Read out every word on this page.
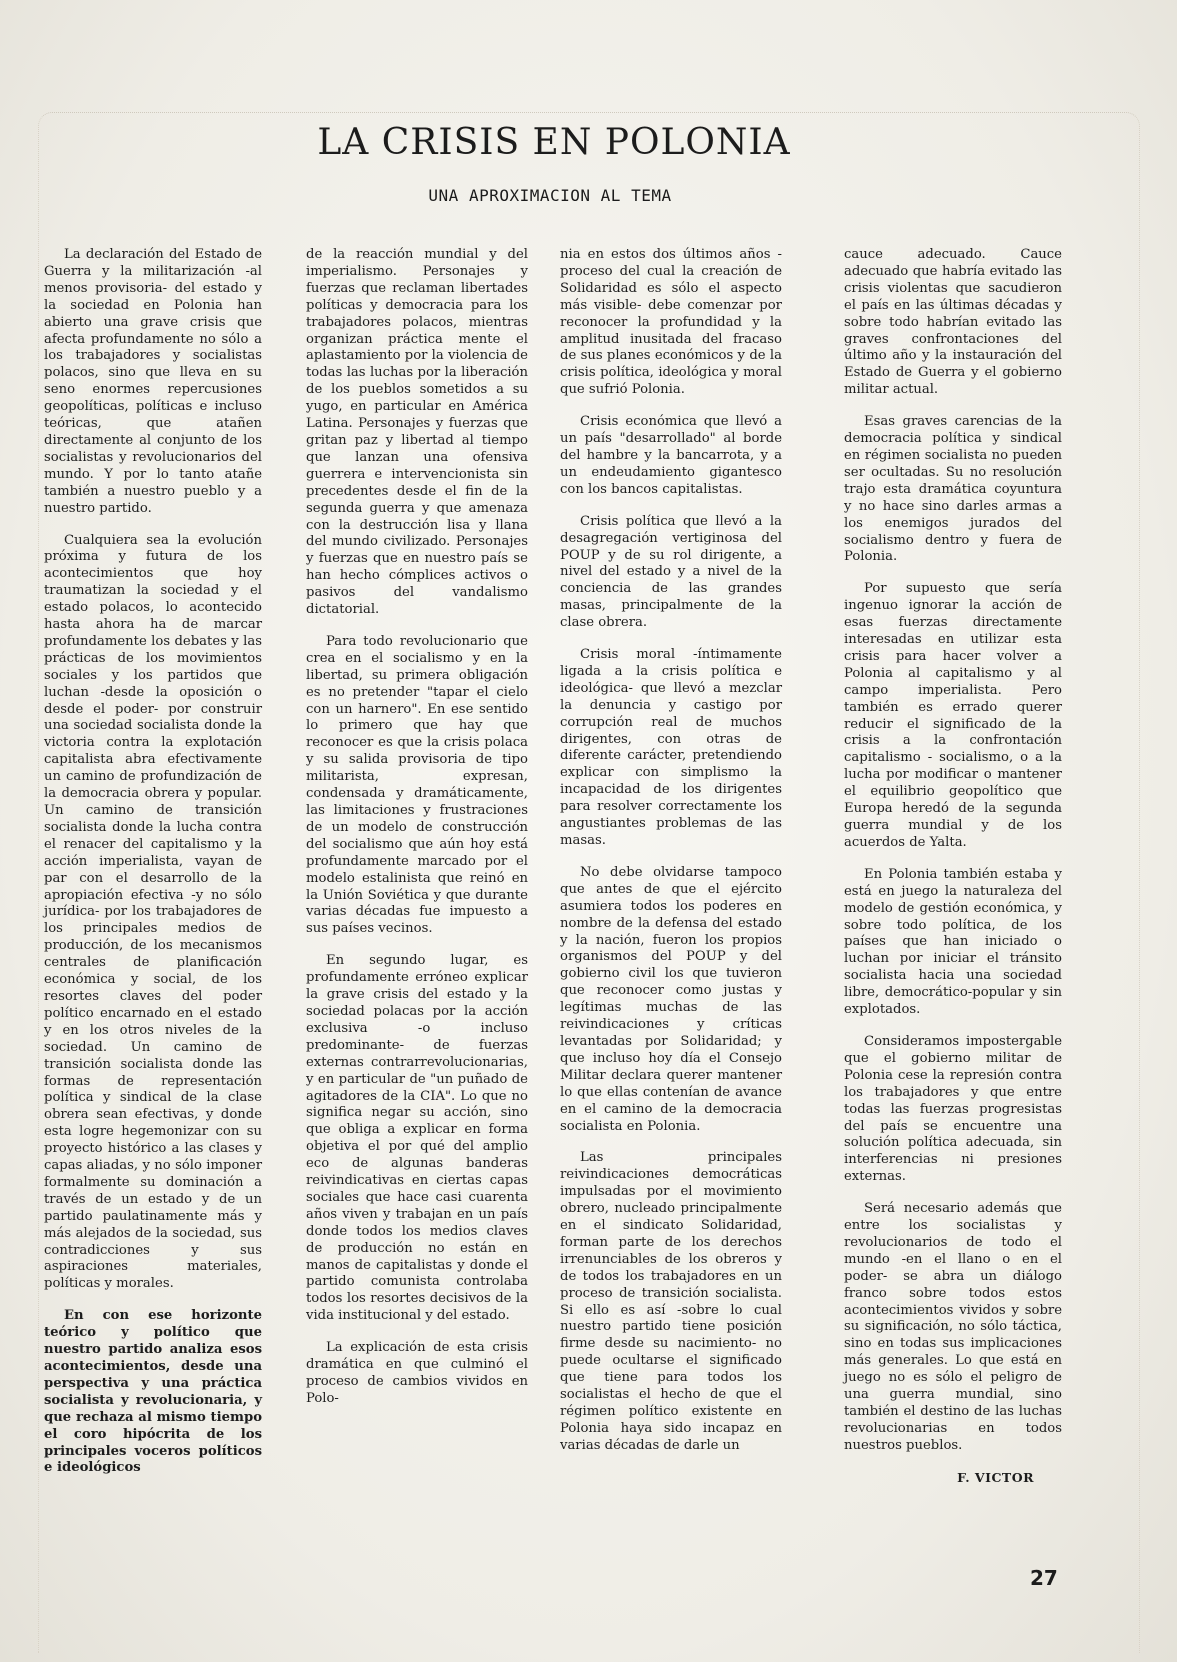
LA CRISIS EN POLONIA
UNA APROXIMACION AL TEMA

La declaración del Estado de Guerra y la militarización -al menos provisoria- del estado y la sociedad en Polonia han abierto una grave crisis que afecta profundamente no sólo a los trabajadores y socialistas polacos, sino que lleva en su seno enormes repercusiones geopolíticas, políticas e incluso teóricas, que atañen directamente al conjunto de los socialistas y revolucionarios del mundo. Y por lo tanto atañe también a nuestro pueblo y a nuestro partido.

Cualquiera sea la evolución próxima y futura de los acontecimientos que hoy traumatizan la sociedad y el estado polacos, lo acontecido hasta ahora ha de marcar profundamente los debates y las prácticas de los movimientos sociales y los partidos que luchan -desde la oposición o desde el poder- por construir una sociedad socialista donde la victoria contra la explotación capitalista abra efectivamente un camino de profundización de la democracia obrera y popular. Un camino de transición socialista donde la lucha contra el renacer del capitalismo y la acción imperialista, vayan de par con el desarrollo de la apropiación efectiva -y no sólo jurídica- por los trabajadores de los principales medios de producción, de los mecanismos centrales de planificación económica y social, de los resortes claves del poder político encarnado en el estado y en los otros niveles de la sociedad. Un camino de transición socialista donde las formas de representación política y sindical de la clase obrera sean efectivas, y donde esta logre hegemonizar con su proyecto histórico a las clases y capas aliadas, y no sólo imponer formalmente su dominación a través de un estado y de un partido paulatinamente más y más alejados de la sociedad, sus contradicciones y sus aspiraciones materiales, políticas y morales.

En con ese horizonte teórico y político que nuestro partido analiza esos acontecimientos, desde una perspectiva y una práctica socialista y revolucionaria, y que rechaza al mismo tiempo el coro hipócrita de los principales voceros políticos e ideológicos

de la reacción mundial y del imperialismo. Personajes y fuerzas que reclaman libertades políticas y democracia para los trabajadores polacos, mientras organizan práctica mente el aplastamiento por la violencia de todas las luchas por la liberación de los pueblos sometidos a su yugo, en particular en América Latina. Personajes y fuerzas que gritan paz y libertad al tiempo que lanzan una ofensiva guerrera e intervencionista sin precedentes desde el fin de la segunda guerra y que amenaza con la destrucción lisa y llana del mundo civilizado. Personajes y fuerzas que en nuestro país se han hecho cómplices activos o pasivos del vandalismo dictatorial.

Para todo revolucionario que crea en el socialismo y en la libertad, su primera obligación es no pretender "tapar el cielo con un harnero". En ese sentido lo primero que hay que reconocer es que la crisis polaca y su salida provisoria de tipo militarista, expresan, condensada y dramáticamente, las limitaciones y frustraciones de un modelo de construcción del socialismo que aún hoy está profundamente marcado por el modelo estalinista que reinó en la Unión Soviética y que durante varias décadas fue impuesto a sus países vecinos.

En segundo lugar, es profundamente erróneo explicar la grave crisis del estado y la sociedad polacas por la acción exclusiva -o incluso predominante- de fuerzas externas contrarrevolucionarias, y en particular de "un puñado de agitadores de la CIA". Lo que no significa negar su acción, sino que obliga a explicar en forma objetiva el por qué del amplio eco de algunas banderas reivindicativas en ciertas capas sociales que hace casi cuarenta años viven y trabajan en un país donde todos los medios claves de producción no están en manos de capitalistas y donde el partido comunista controlaba todos los resortes decisivos de la vida institucional y del estado.

La explicación de esta crisis dramática en que culminó el proceso de cambios vividos en Polo-

nia en estos dos últimos años -proceso del cual la creación de Solidaridad es sólo el aspecto más visible- debe comenzar por reconocer la profundidad y la amplitud inusitada del fracaso de sus planes económicos y de la crisis política, ideológica y moral que sufrió Polonia.

Crisis económica que llevó a un país "desarrollado" al borde del hambre y la bancarrota, y a un endeudamiento gigantesco con los bancos capitalistas.

Crisis política que llevó a la desagregación vertiginosa del POUP y de su rol dirigente, a nivel del estado y a nivel de la conciencia de las grandes masas, principalmente de la clase obrera.

Crisis moral -íntimamente ligada a la crisis política e ideológica- que llevó a mezclar la denuncia y castigo por corrupción real de muchos dirigentes, con otras de diferente carácter, pretendiendo explicar con simplismo la incapacidad de los dirigentes para resolver correctamente los angustiantes problemas de las masas.

No debe olvidarse tampoco que antes de que el ejército asumiera todos los poderes en nombre de la defensa del estado y la nación, fueron los propios organismos del POUP y del gobierno civil los que tuvieron que reconocer como justas y legítimas muchas de las reivindicaciones y críticas levantadas por Solidaridad; y que incluso hoy día el Consejo Militar declara querer mantener lo que ellas contenían de avance en el camino de la democracia socialista en Polonia.

Las principales reivindicaciones democráticas impulsadas por el movimiento obrero, nucleado principalmente en el sindicato Solidaridad, forman parte de los derechos irrenunciables de los obreros y de todos los trabajadores en un proceso de transición socialista. Si ello es así -sobre lo cual nuestro partido tiene posición firme desde su nacimiento- no puede ocultarse el significado que tiene para todos los socialistas el hecho de que el régimen político existente en Polonia haya sido incapaz en varias décadas de darle un

cauce adecuado. Cauce adecuado que habría evitado las crisis violentas que sacudieron el país en las últimas décadas y sobre todo habrían evitado las graves confrontaciones del último año y la instauración del Estado de Guerra y el gobierno militar actual.

Esas graves carencias de la democracia política y sindical en régimen socialista no pueden ser ocultadas. Su no resolución trajo esta dramática coyuntura y no hace sino darles armas a los enemigos jurados del socialismo dentro y fuera de Polonia.

Por supuesto que sería ingenuo ignorar la acción de esas fuerzas directamente interesadas en utilizar esta crisis para hacer volver a Polonia al capitalismo y al campo imperialista. Pero también es errado querer reducir el significado de la crisis a la confrontación capitalismo - socialismo, o a la lucha por modificar o mantener el equilibrio geopolítico que Europa heredó de la segunda guerra mundial y de los acuerdos de Yalta.

En Polonia también estaba y está en juego la naturaleza del modelo de gestión económica, y sobre todo política, de los países que han iniciado o luchan por iniciar el tránsito socialista hacia una sociedad libre, democrático-popular y sin explotados.

Consideramos impostergable que el gobierno militar de Polonia cese la represión contra los trabajadores y que entre todas las fuerzas progresistas del país se encuentre una solución política adecuada, sin interferencias ni presiones externas.

Será necesario además que entre los socialistas y revolucionarios de todo el mundo -en el llano o en el poder- se abra un diálogo franco sobre todos estos acontecimientos vividos y sobre su significación, no sólo táctica, sino en todas sus implicaciones más generales. Lo que está en juego no es sólo el peligro de una guerra mundial, sino también el destino de las luchas revolucionarias en todos nuestros pueblos.

F. VICTOR

27
